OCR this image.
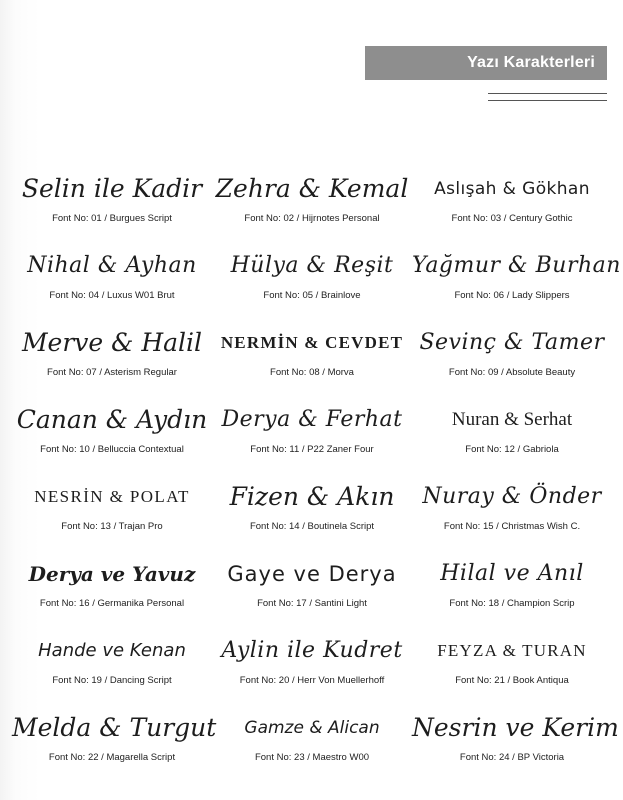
Yazı Karakterleri
Selin ile Kadir
Font No: 01 / Burgues Script
Zehra & Kemal
Font No: 02 / Hijrnotes Personal
Aslışah & Gökhan
Font No: 03 / Century Gothic
Nihal & Ayhan
Font No: 04 / Luxus W01 Brut
Hülya & Reşit
Font No: 05 / Brainlove
Yağmur & Burhan
Font No: 06 / Lady Slippers
Merve & Halil
Font No: 07 / Asterism Regular
NERMİN & CEVDET
Font No: 08 / Morva
Sevinç & Tamer
Font No: 09 / Absolute Beauty
Canan & Aydın
Font No: 10 / Belluccia Contextual
Derya & Ferhat
Font No: 11 / P22 Zaner Four
Nuran & Serhat
Font No: 12 / Gabriola
NESRİN & POLAT
Font No: 13 / Trajan Pro
Fizen & Akın
Font No: 14 / Boutinela Script
Nuray & Önder
Font No: 15 / Christmas Wish C.
Derya ve Yavuz
Font No: 16 / Germanika Personal
Gaye ve Derya
Font No: 17 / Santini Light
Hilal ve Anıl
Font No: 18 / Champion Scrip
Hande ve Kenan
Font No: 19 / Dancing Script
Aylin ile Kudret
Font No: 20 / Herr Von Muellerhoff
FEYZA & TURAN
Font No: 21 / Book Antiqua
Melda & Turgut
Font No: 22 / Magarella Script
Gamze & Alican
Font No: 23 / Maestro W00
Nesrin ve Kerim
Font No: 24 / BP Victoria
